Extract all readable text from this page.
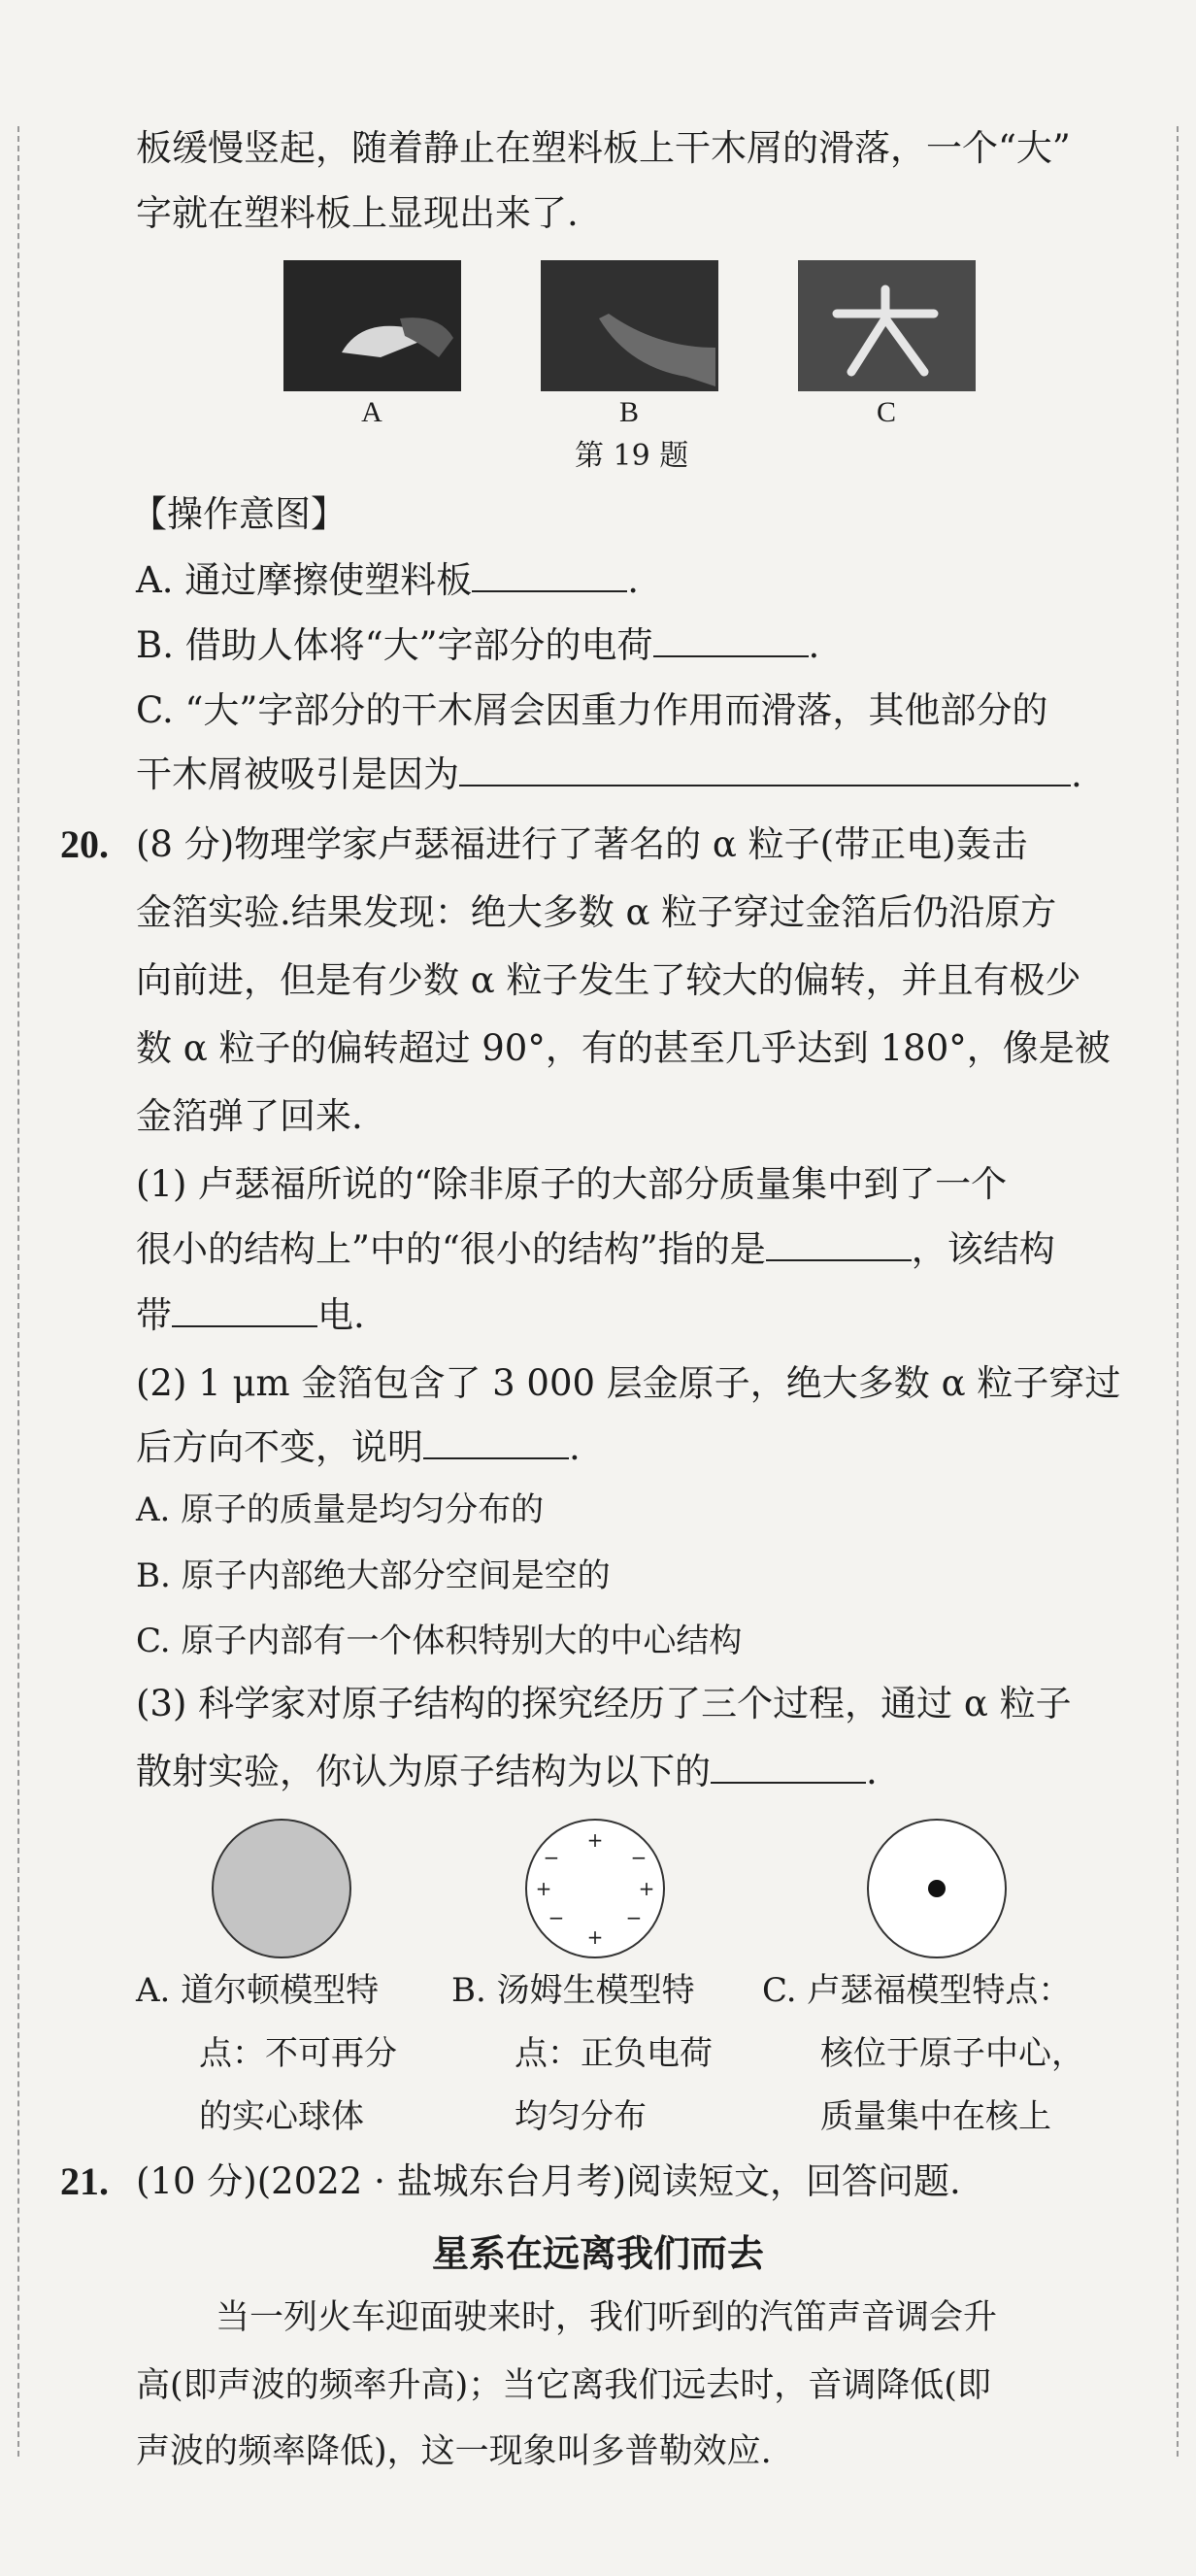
板缓慢竖起，随着静止在塑料板上干木屑的滑落，一个“大”
字就在塑料板上显现出来了.
A	B	C
第 19 题
【操作意图】
A. 通过摩擦使塑料板	.
B. 借助人体将“大”字部分的电荷	.
C. “大”字部分的干木屑会因重力作用而滑落，其他部分的
干木屑被吸引是因为	.
20. (8 分)物理学家卢瑟福进行了著名的 α 粒子(带正电)轰击
金箔实验.结果发现：绝大多数 α 粒子穿过金箔后仍沿原方
向前进，但是有少数 α 粒子发生了较大的偏转，并且有极少
数 α 粒子的偏转超过 90°，有的甚至几乎达到 180°，像是被
金箔弹了回来.
(1) 卢瑟福所说的“除非原子的大部分质量集中到了一个
很小的结构上”中的“很小的结构”指的是	，该结构
带	电.
(2) 1 μm 金箔包含了 3 000 层金原子，绝大多数 α 粒子穿过
后方向不变，说明	.
A. 原子的质量是均匀分布的
B. 原子内部绝大部分空间是空的
C. 原子内部有一个体积特别大的中心结构
(3) 科学家对原子结构的探究经历了三个过程，通过 α 粒子
散射实验，你认为原子结构为以下的	.
+
−	−
+	+
−	−
+
A. 道尔顿模型特
点：不可再分
的实心球体
B. 汤姆生模型特
点：正负电荷
均匀分布
C. 卢瑟福模型特点：
核位于原子中心，
质量集中在核上
21. (10 分)(2022 · 盐城东台月考)阅读短文，回答问题.
星系在远离我们而去
当一列火车迎面驶来时，我们听到的汽笛声音调会升
高(即声波的频率升高)；当它离我们远去时，音调降低(即
声波的频率降低)，这一现象叫多普勒效应.
